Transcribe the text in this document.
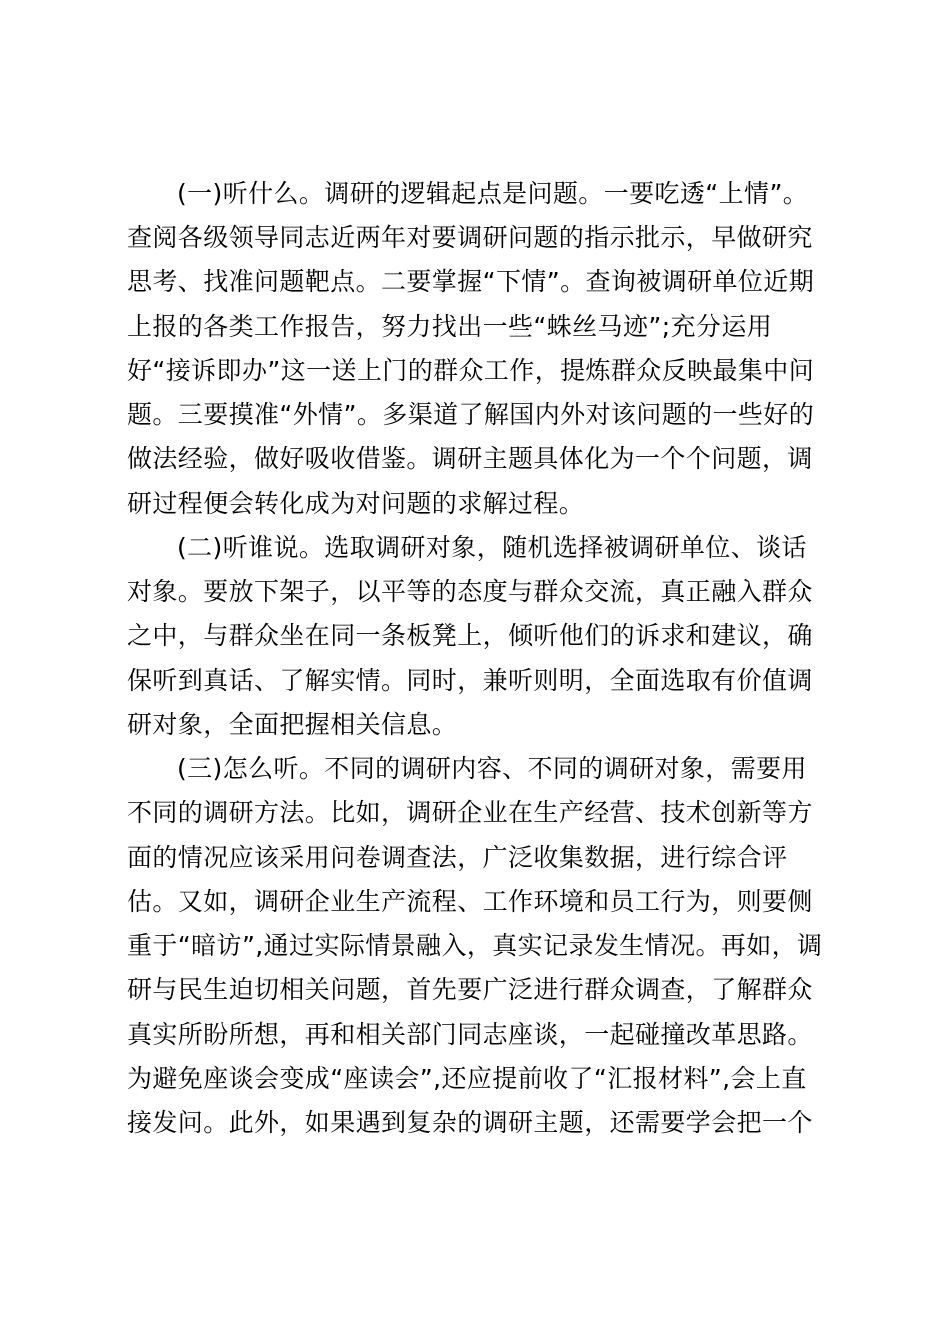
(一)听什么。调研的逻辑起点是问题。一要吃透“上情”。
查阅各级领导同志近两年对要调研问题的指示批示，早做研究
思考、找准问题靶点。二要掌握“下情”。查询被调研单位近期
上报的各类工作报告，努力找出一些“蛛丝马迹”;充分运用
好“接诉即办”这一送上门的群众工作，提炼群众反映最集中问
题。三要摸准“外情”。多渠道了解国内外对该问题的一些好的
做法经验，做好吸收借鉴。调研主题具体化为一个个问题，调
研过程便会转化成为对问题的求解过程。
(二)听谁说。选取调研对象，随机选择被调研单位、谈话
对象。要放下架子，以平等的态度与群众交流，真正融入群众
之中，与群众坐在同一条板凳上，倾听他们的诉求和建议，确
保听到真话、了解实情。同时，兼听则明，全面选取有价值调
研对象，全面把握相关信息。
(三)怎么听。不同的调研内容、不同的调研对象，需要用
不同的调研方法。比如，调研企业在生产经营、技术创新等方
面的情况应该采用问卷调查法，广泛收集数据，进行综合评
估。又如，调研企业生产流程、工作环境和员工行为，则要侧
重于“暗访”,通过实际情景融入，真实记录发生情况。再如，调
研与民生迫切相关问题，首先要广泛进行群众调查，了解群众
真实所盼所想，再和相关部门同志座谈，一起碰撞改革思路。
为避免座谈会变成“座读会”,还应提前收了“汇报材料”,会上直
接发问。此外，如果遇到复杂的调研主题，还需要学会把一个
